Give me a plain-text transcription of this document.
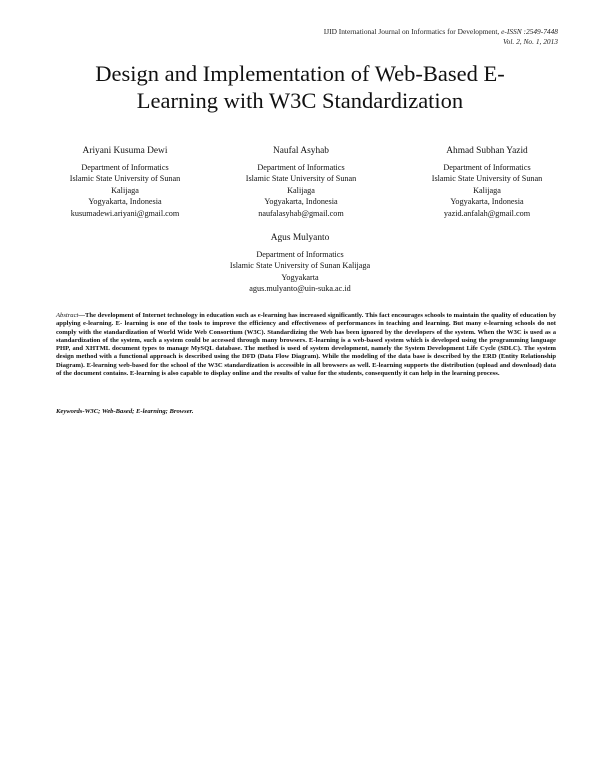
IJID International Journal on Informatics for Development, e-ISSN :2549-7448
Vol. 2, No. 1, 2013
Design and Implementation of Web-Based E-
Learning with W3C Standardization
Ariyani Kusuma Dewi
Department of Informatics
Islamic State University of Sunan
Kalijaga
Yogyakarta, Indonesia
kusumadewi.ariyani@gmail.com
Naufal Asyhab
Department of Informatics
Islamic State University of Sunan
Kalijaga
Yogyakarta, Indonesia
naufalasyhab@gmail.com
Ahmad Subhan Yazid
Department of Informatics
Islamic State University of Sunan
Kalijaga
Yogyakarta, Indonesia
yazid.anfalah@gmail.com
Agus Mulyanto
Department of Informatics
Islamic State University of Sunan Kalijaga
Yogyakarta
agus.mulyanto@uin-suka.ac.id
Abstract—The development of Internet technology in education such as e-learning has increased significantly. This fact encourages schools to maintain the quality of education by applying e-learning. E- learning is one of the tools to improve the efficiency and effectiveness of performances in teaching and learning. But many e-learning schools do not comply with the standardization of World Wide Web Consortium (W3C). Standardizing the Web has been ignored by the developers of the system. When the W3C is used as a standardization of the system, such a system could be accessed through many browsers. E-learning is a web-based system which is developed using the programming language PHP, and XHTML document types to manage MySQL database. The method is used of system development, namely the System Development Life Cycle (SDLC). The system design method with a functional approach is described using the DFD (Data Flow Diagram). While the modeling of the data base is described by the ERD (Entity Relationship Diagram). E-learning web-based for the school of the W3C standardization is accessible in all browsers as well. E-learning supports the distribution (upload and download) data of the document contains. E-learning is also capable to display online and the results of value for the students, consequently it can help in the learning process.
Keywords-W3C; Web-Based; E-learning; Browser.
